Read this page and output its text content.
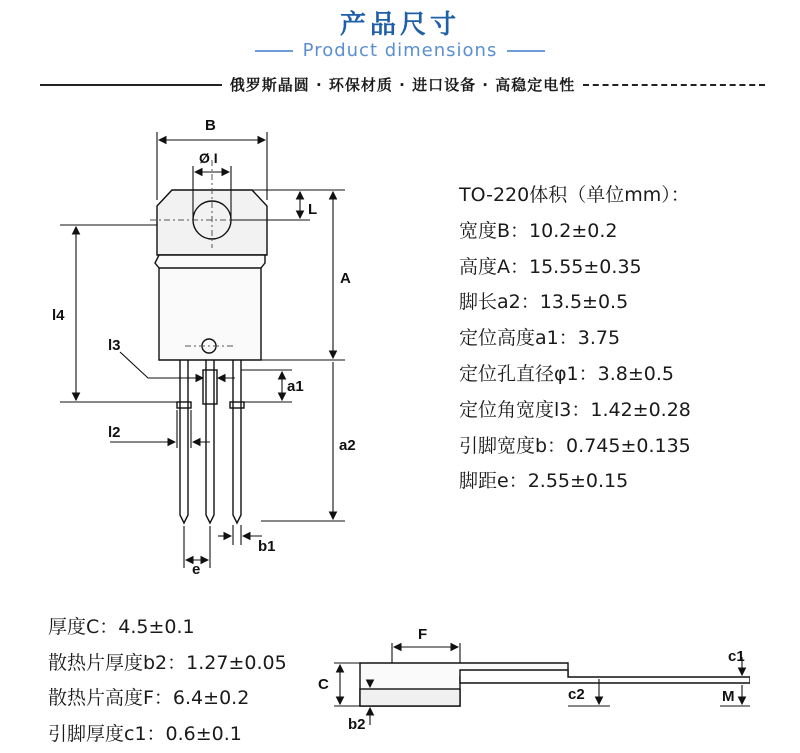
产品尺寸
Product dimensions
俄罗斯晶圆 · 环保材质 · 进口设备 · 高稳定电性
B
Ø I
L
A
l4
l3
a1
l2
a2
b1
e
F
C
b2
c2
c1
M
TO-220体积（单位mm）：
宽度B：10.2±0.2
高度A：15.55±0.35
脚长a2：13.5±0.5
定位高度a1：3.75
定位孔直径φ1：3.8±0.5
定位角宽度l3：1.42±0.28
引脚宽度b：0.745±0.135
脚距e：2.55±0.15
厚度C：4.5±0.1
散热片厚度b2：1.27±0.05
散热片高度F：6.4±0.2
引脚厚度c1：0.6±0.1
